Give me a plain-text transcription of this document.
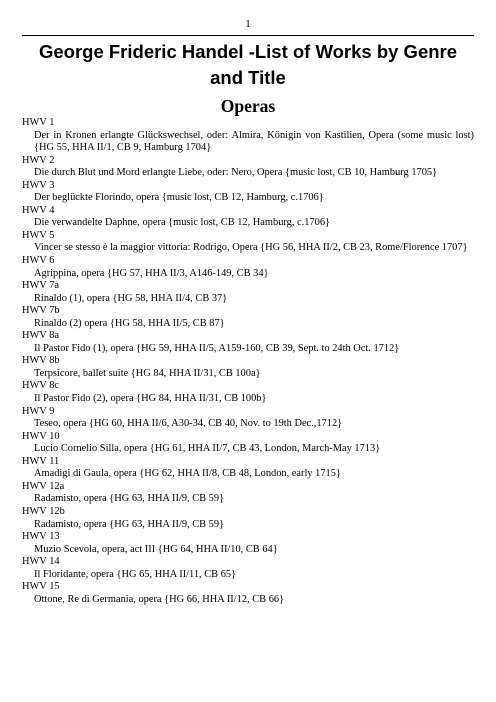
1
George Frideric Handel -List of Works by Genre and Title
Operas
HWV 1
Der in Kronen erlangte Glückswechsel, oder: Almira, Königin von Kastilien, Opera (some music lost) {HG 55, HHA II/1, CB 9, Hamburg 1704}
HWV 2
Die durch Blut und Mord erlangte Liebe, oder: Nero, Opera {music lost, CB 10, Hamburg 1705}
HWV 3
Der beglückte Florindo, opera {music lost, CB 12, Hamburg, c.1706}
HWV 4
Die verwandelte Daphne, opera {music lost, CB 12, Hamburg, c.1706}
HWV 5
Vincer se stesso è la maggior vittoria: Rodrigo, Opera {HG 56, HHA II/2, CB 23, Rome/Florence 1707}
HWV 6
Agrippina, opera {HG 57, HHA II/3, A146-149, CB 34}
HWV 7a
Rinaldo (1), opera {HG 58, HHA II/4, CB 37}
HWV 7b
Rinaldo (2) opera {HG 58, HHA II/5, CB 87}
HWV 8a
Il Pastor Fido (1), opera {HG 59, HHA II/5, A159-160, CB 39, Sept. to 24th Oct. 1712}
HWV 8b
Terpsicore, ballet suite {HG 84, HHA II/31, CB 100a}
HWV 8c
Il Pastor Fido (2), opera {HG 84, HHA II/31, CB 100b}
HWV 9
Teseo, opera {HG 60, HHA II/6, A30-34, CB 40, Nov. to 19th Dec.,1712}
HWV 10
Lucio Cornelio Silla, opera {HG 61, HHA II/7, CB 43, London, March-May 1713}
HWV 11
Amadigi di Gaula, opera {HG 62, HHA II/8, CB 48, London, early 1715}
HWV 12a
Radamisto, opera {HG 63, HHA II/9, CB 59}
HWV 12b
Radamisto, opera {HG 63, HHA II/9, CB 59}
HWV 13
Muzio Scevola, opera, act III {HG 64, HHA II/10, CB 64}
HWV 14
Il Floridante, opera {HG 65, HHA II/11, CB 65}
HWV 15
Ottone, Re di Germania, opera {HG 66, HHA II/12, CB 66}
